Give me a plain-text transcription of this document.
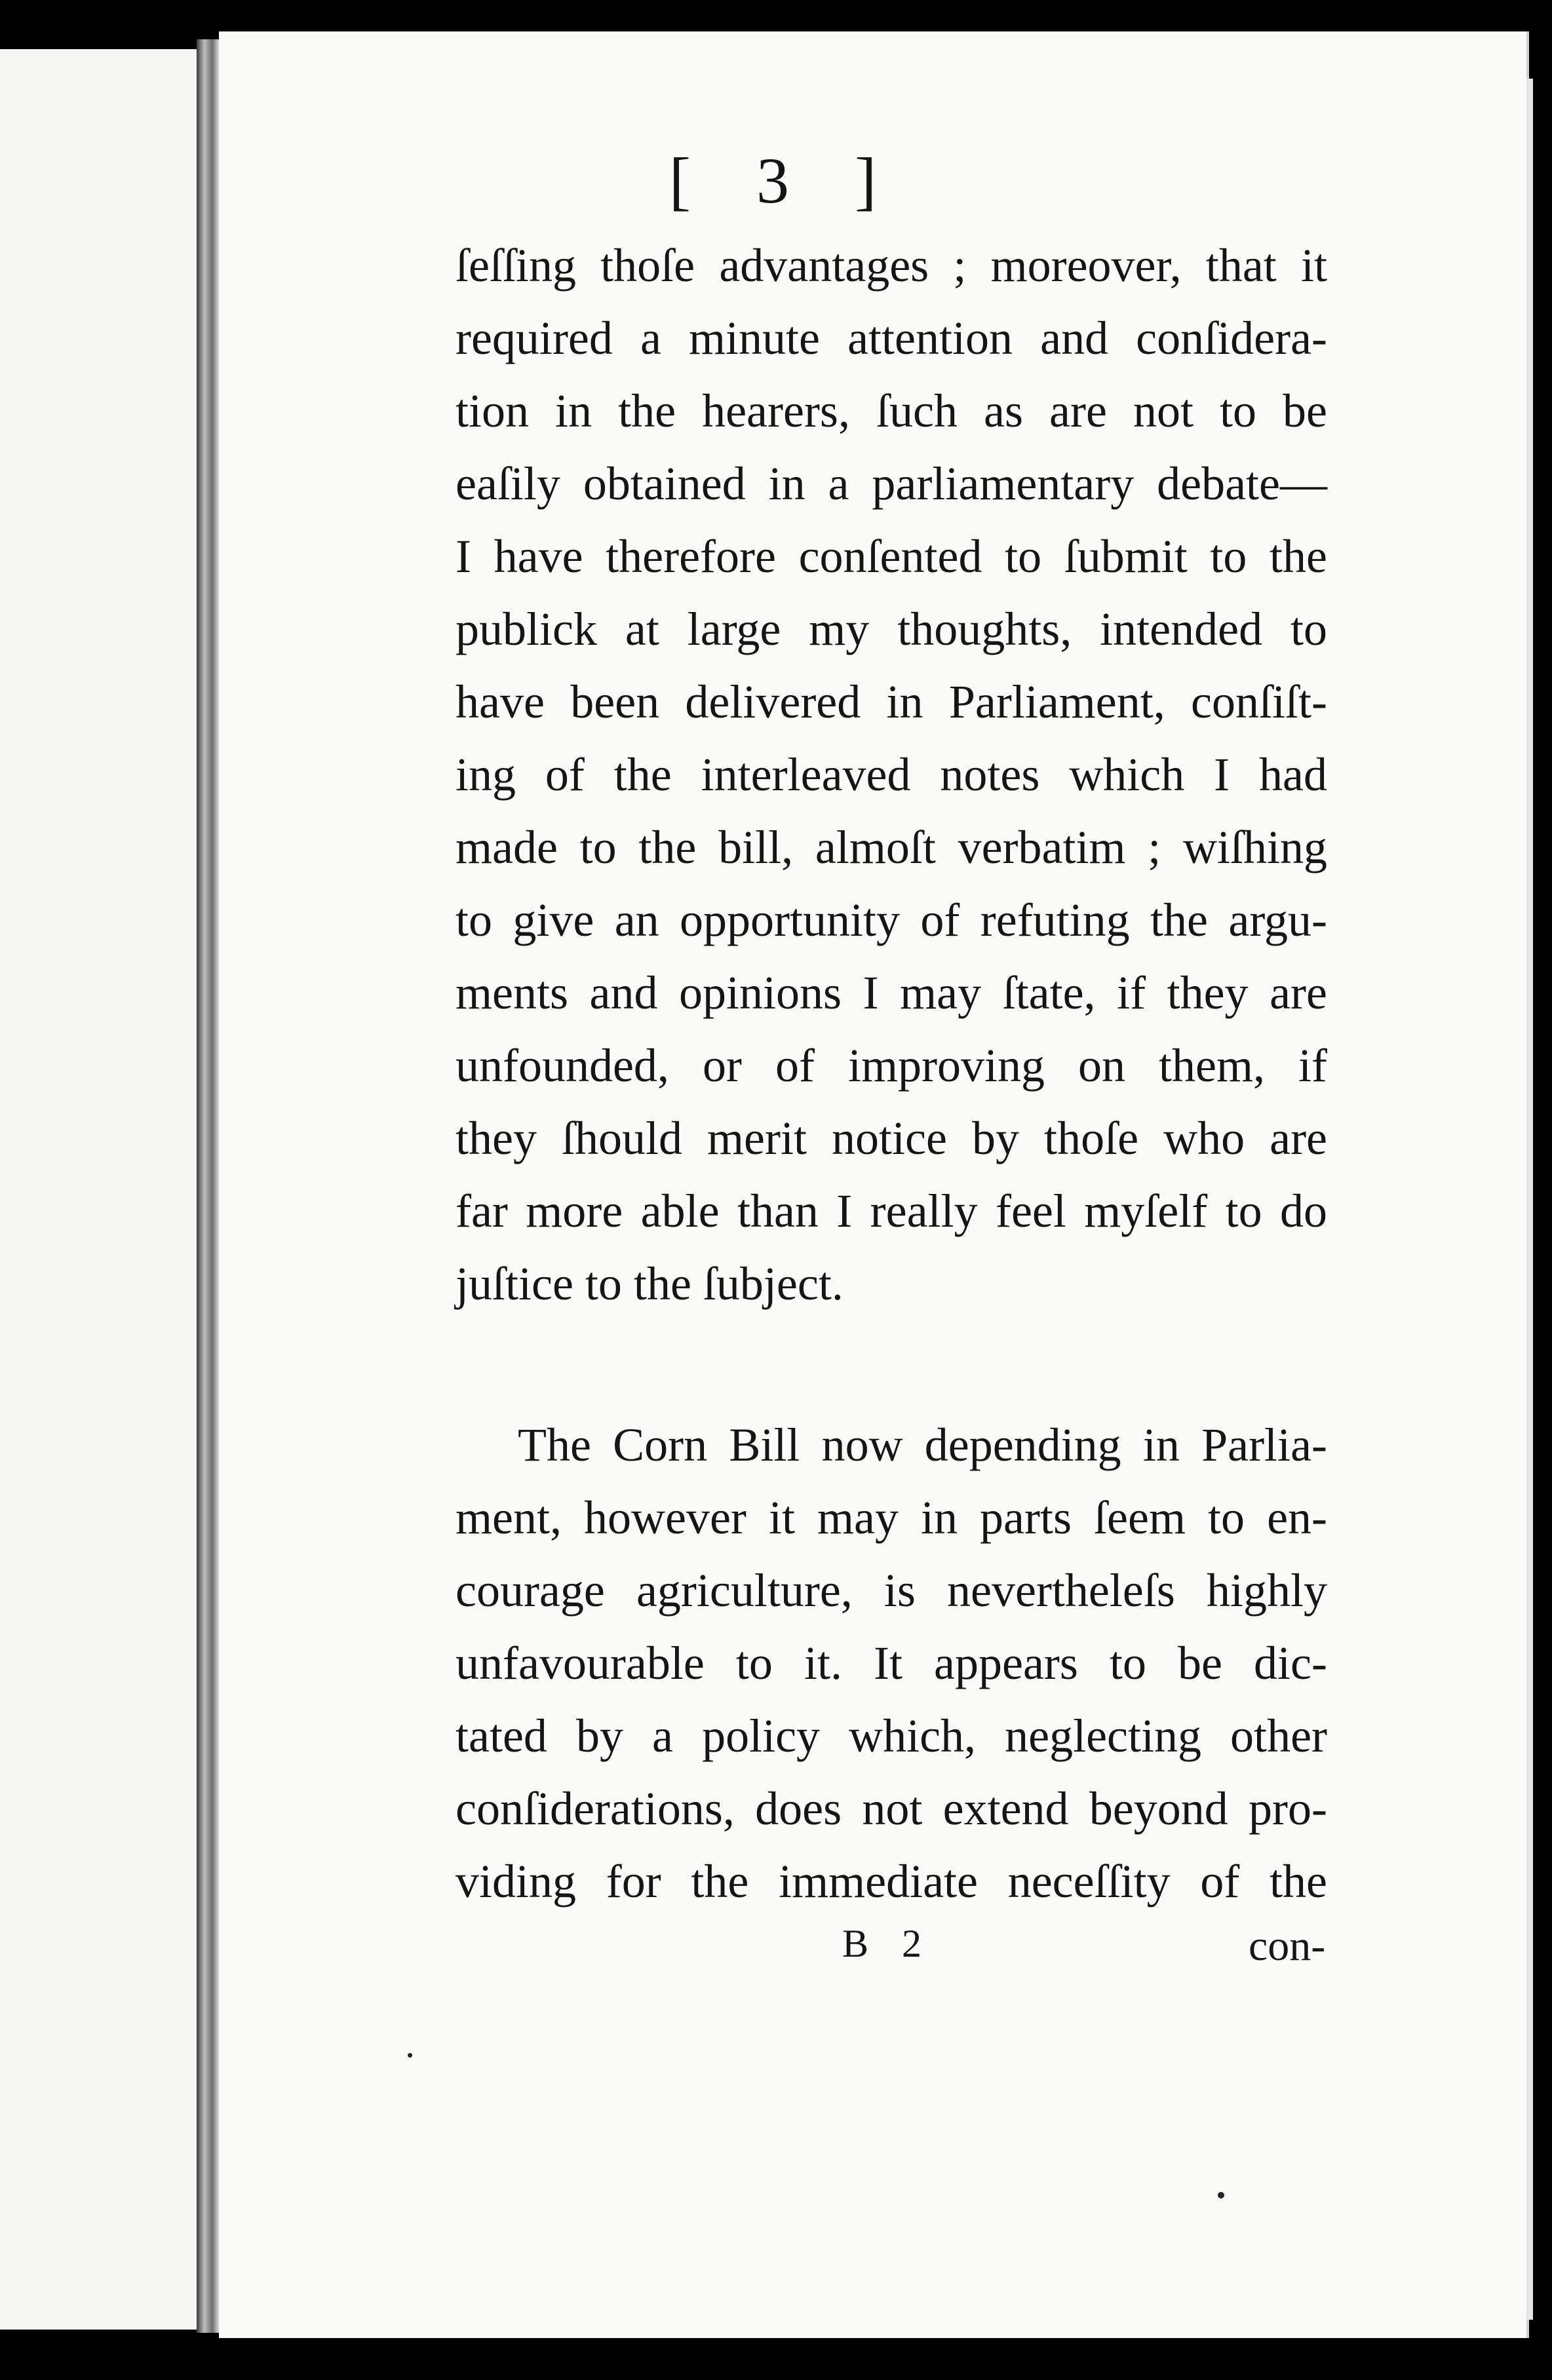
[ 3 ]
ſeſſing thoſe advantages ; moreover, that it
required a minute attention and conſidera-
tion in the hearers, ſuch as are not to be
eaſily obtained in a parliamentary debate—
I have therefore conſented to ſubmit to the
publick at large my thoughts, intended to
have been delivered in Parliament, conſiſt-
ing of the interleaved notes which I had
made to the bill, almoſt verbatim ; wiſhing
to give an opportunity of refuting the argu-
ments and opinions I may ſtate, if they are
unfounded, or of improving on them, if
they ſhould merit notice by thoſe who are
far more able than I really feel myſelf to do
juſtice to the ſubject.
The Corn Bill now depending in Parlia-
ment, however it may in parts ſeem to en-
courage agriculture, is nevertheleſs highly
unfavourable to it. It appears to be dic-
tated by a policy which, neglecting other
conſiderations, does not extend beyond pro-
viding for the immediate neceſſity of the
B 2	con-
